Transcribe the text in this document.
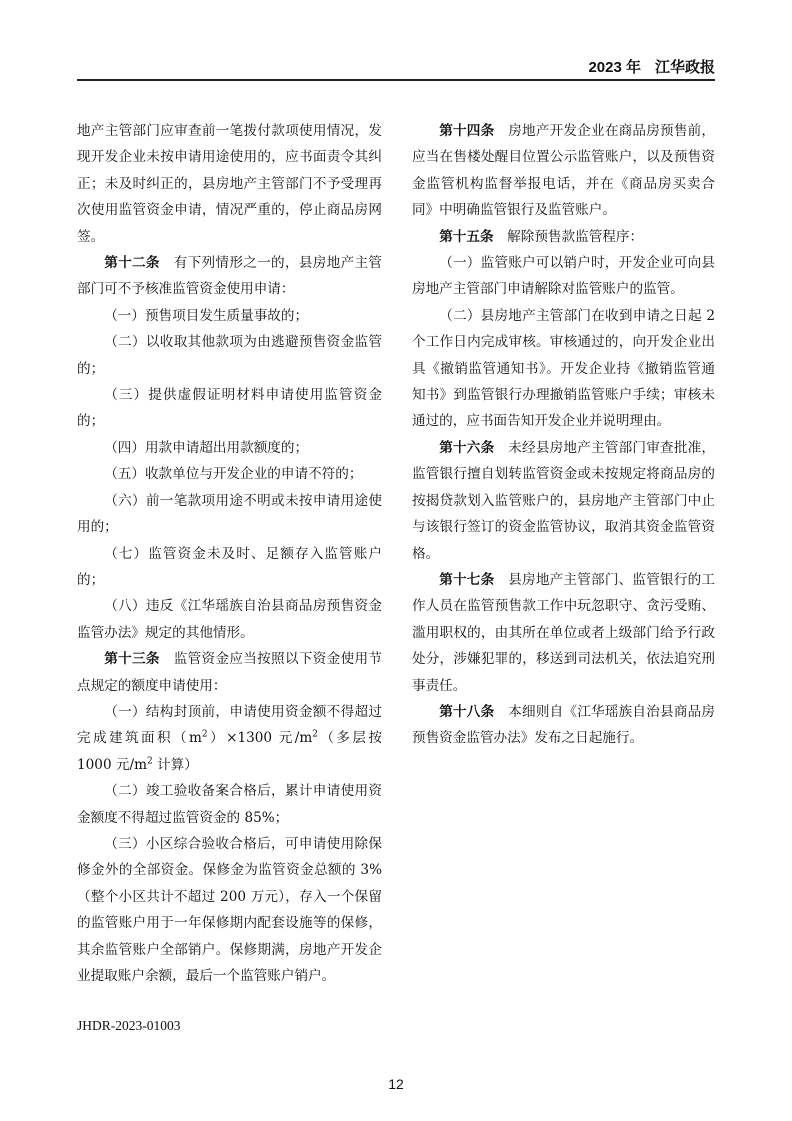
2023 年 江华政报

地产主管部门应审查前一笔拨付款项使用情况，发现开发企业未按申请用途使用的，应书面责令其纠正；未及时纠正的，县房地产主管部门不予受理再次使用监管资金申请，情况严重的，停止商品房网签。

第十二条　 有下列情形之一的，县房地产主管部门可不予核准监管资金使用申请：

（一）预售项目发生质量事故的；

（二）以收取其他款项为由逃避预售资金监管的；

（三）提供虚假证明材料申请使用监管资金的；

（四）用款申请超出用款额度的；

（五）收款单位与开发企业的申请不符的；

（六）前一笔款项用途不明或未按申请用途使用的；

（七）监管资金未及时、足额存入监管账户的；

（八）违反《江华瑶族自治县商品房预售资金监管办法》规定的其他情形。

第十三条　 监管资金应当按照以下资金使用节点规定的额度申请使用：

（一）结构封顶前，申请使用资金额不得超过完成建筑面积$(m^2)\times 1300$ 元$/m^2$（多层按 1000 元$/m^2$ 计算）

（二）竣工验收备案合格后，累计申请使用资金额度不得超过监管资金的 85%；

（三）小区综合验收合格后，可申请使用除保修金外的全部资金。保修金为监管资金总额的 3%（整个小区共计不超过 200 万元），存入一个保留的监管账户用于一年保修期内配套设施等的保修，其余监管账户全部销户。保修期满，房地产开发企业提取账户余额，最后一个监管账户销户。

第十四条　 房地产开发企业在商品房预售前，应当在售楼处醒目位置公示监管账户，以及预售资金监管机构监督举报电话，并在《商品房买卖合同》中明确监管银行及监管账户。

第十五条　 解除预售款监管程序：

（一）监管账户可以销户时，开发企业可向县房地产主管部门申请解除对监管账户的监管。

（二）县房地产主管部门在收到申请之日起 2 个工作日内完成审核。审核通过的，向开发企业出具《撤销监管通知书》。开发企业持《撤销监管通知书》到监管银行办理撤销监管账户手续；审核未通过的，应书面告知开发企业并说明理由。

第十六条　 未经县房地产主管部门审查批准，监管银行擅自划转监管资金或未按规定将商品房的按揭贷款划入监管账户的，县房地产主管部门中止与该银行签订的资金监管协议，取消其资金监管资格。

第十七条　 县房地产主管部门、监管银行的工作人员在监管预售款工作中玩忽职守、贪污受贿、滥用职权的，由其所在单位或者上级部门给予行政处分，涉嫌犯罪的，移送到司法机关，依法追究刑事责任。

第十八条　 本细则自《江华瑶族自治县商品房预售资金监管办法》发布之日起施行。

JHDR-2023-01003
12
